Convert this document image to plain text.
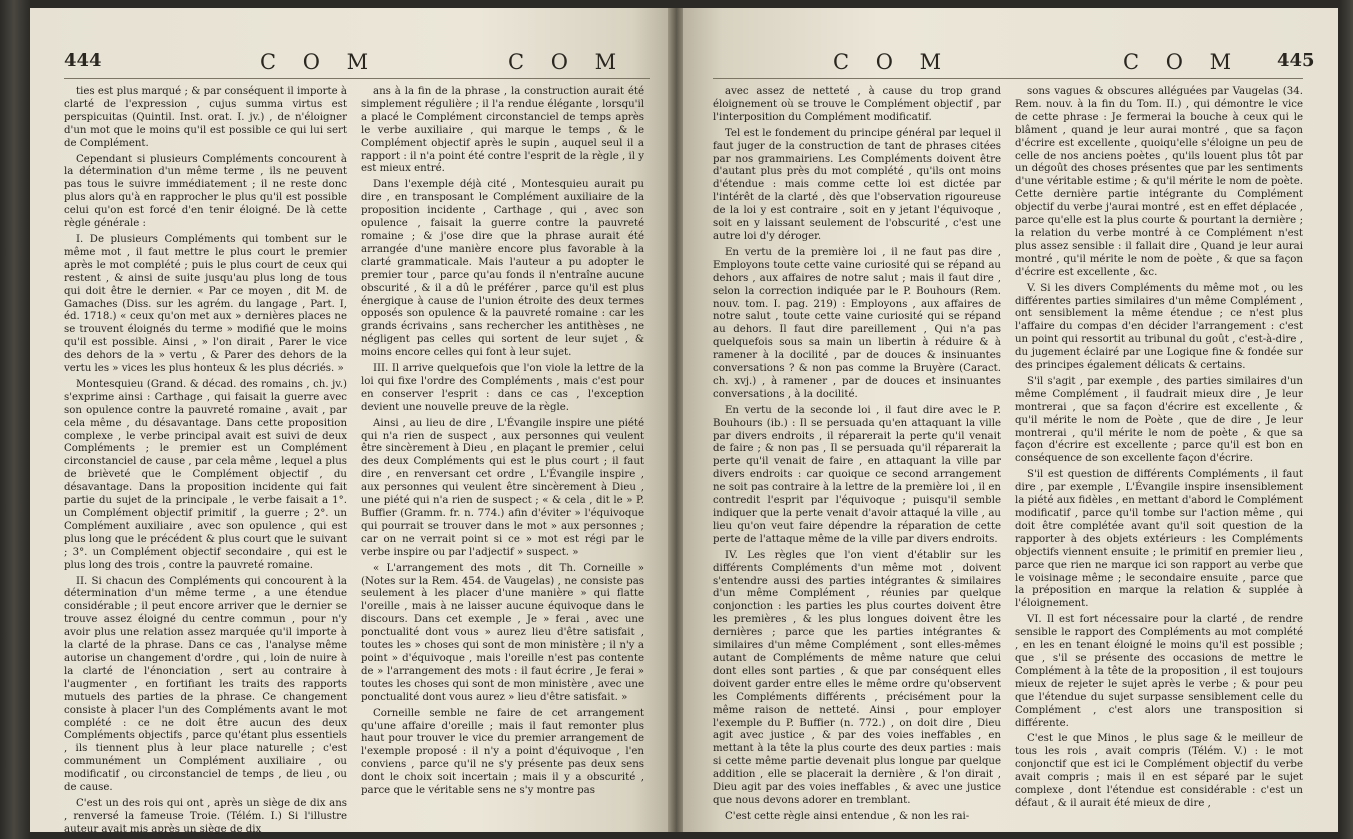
444	C O M	C O M

ties est plus marqué ; & par conséquent il importe à clarté de l'expression , cujus summa virtus est perspicuitas (Quintil. Inst. orat. I. jv.) , de n'éloigner d'un mot que le moins qu'il est possible ce qui lui sert de Complément.

Cependant si plusieurs Compléments concourent à la détermination d'un même terme , ils ne peuvent pas tous le suivre immédiatement ; il ne reste donc plus alors qu'à en rapprocher le plus qu'il est possible celui qu'on est forcé d'en tenir éloigné. De là cette règle générale :

I. De plusieurs Compléments qui tombent sur le même mot , il faut mettre le plus court le premier après le mot complété ; puis le plus court de ceux qui restent , & ainsi de suite jusqu'au plus long de tous qui doit être le dernier. « Par ce moyen , dit M. de Gamaches (Diss. sur les agrém. du langage , Part. I, éd. 1718.) « ceux qu'on met aux » dernières places ne se trouvent éloignés du terme » modifié que le moins qu'il est possible. Ainsi , » l'on dirait , Parer le vice des dehors de la » vertu , & Parer des dehors de la vertu les » vices les plus honteux & les plus décriés. »

Montesquieu (Grand. & décad. des romains , ch. jv.) s'exprime ainsi : Carthage , qui faisait la guerre avec son opulence contre la pauvreté romaine , avait , par cela même , du désavantage. Dans cette proposition complexe , le verbe principal avait est suivi de deux Compléments ; le premier est un Complément circonstanciel de cause , par cela même , lequel a plus de brièveté que le Complément objectif , du désavantage. Dans la proposition incidente qui fait partie du sujet de la principale , le verbe faisait a 1°. un Complément objectif primitif , la guerre ; 2°. un Complément auxiliaire , avec son opulence , qui est plus long que le précédent & plus court que le suivant ; 3°. un Complément objectif secondaire , qui est le plus long des trois , contre la pauvreté romaine.

II. Si chacun des Compléments qui concourent à la détermination d'un même terme , a une étendue considérable ; il peut encore arriver que le dernier se trouve assez éloigné du centre commun , pour n'y avoir plus une relation assez marquée qu'il importe à la clarté de la phrase. Dans ce cas , l'analyse même autorise un changement d'ordre , qui , loin de nuire à la clarté de l'énonciation , sert au contraire à l'augmenter , en fortifiant les traits des rapports mutuels des parties de la phrase. Ce changement consiste à placer l'un des Compléments avant le mot complété : ce ne doit être aucun des deux Compléments objectifs , parce qu'étant plus essentiels , ils tiennent plus à leur place naturelle ; c'est communément un Complément auxiliaire , ou modificatif , ou circonstanciel de temps , de lieu , ou de cause.

C'est un des rois qui ont , après un siège de dix ans , renversé la fameuse Troie. (Télém. I.) Si l'illustre auteur avait mis après un siège de dix

ans à la fin de la phrase , la construction aurait été simplement régulière ; il l'a rendue élégante , lorsqu'il a placé le Complément circonstanciel de temps après le verbe auxiliaire , qui marque le temps , & le Complément objectif après le supin , auquel seul il a rapport : il n'a point été contre l'esprit de la règle , il y est mieux entré.

Dans l'exemple déjà cité , Montesquieu aurait pu dire , en transposant le Complément auxiliaire de la proposition incidente , Carthage , qui , avec son opulence , faisait la guerre contre la pauvreté romaine ; & j'ose dire que la phrase aurait été arrangée d'une manière encore plus favorable à la clarté grammaticale. Mais l'auteur a pu adopter le premier tour , parce qu'au fonds il n'entraîne aucune obscurité , & il a dû le préférer , parce qu'il est plus énergique à cause de l'union étroite des deux termes opposés son opulence & la pauvreté romaine : car les grands écrivains , sans rechercher les antithèses , ne négligent pas celles qui sortent de leur sujet , & moins encore celles qui font à leur sujet.

III. Il arrive quelquefois que l'on viole la lettre de la loi qui fixe l'ordre des Compléments , mais c'est pour en conserver l'esprit : dans ce cas , l'exception devient une nouvelle preuve de la règle.

Ainsi , au lieu de dire , L'Évangile inspire une piété qui n'a rien de suspect , aux personnes qui veulent être sincèrement à Dieu , en plaçant le premier , celui des deux Compléments qui est le plus court ; il faut dire , en renversant cet ordre , L'Évangile inspire , aux personnes qui veulent être sincèrement à Dieu , une piété qui n'a rien de suspect ; « & cela , dit le » P. Buffier (Gramm. fr. n. 774.) afin d'éviter » l'équivoque qui pourrait se trouver dans le mot » aux personnes ; car on ne verrait point si ce » mot est régi par le verbe inspire ou par l'adjectif » suspect. »

« L'arrangement des mots , dit Th. Corneille » (Notes sur la Rem. 454. de Vaugelas) , ne consiste pas seulement à les placer d'une manière » qui flatte l'oreille , mais à ne laisser aucune équivoque dans le discours. Dans cet exemple , Je » ferai , avec une ponctualité dont vous » aurez lieu d'être satisfait , toutes les » choses qui sont de mon ministère ; il n'y a point » d'équivoque , mais l'oreille n'est pas contente de » l'arrangement des mots : il faut écrire , Je ferai » toutes les choses qui sont de mon ministère , avec une ponctualité dont vous aurez » lieu d'être satisfait. »

Corneille semble ne faire de cet arrangement qu'une affaire d'oreille ; mais il faut remonter plus haut pour trouver le vice du premier arrangement de l'exemple proposé : il n'y a point d'équivoque , l'en conviens , parce qu'il ne s'y présente pas deux sens dont le choix soit incertain ; mais il y a obscurité , parce que le véritable sens ne s'y montre pas

C O M	C O M 445

avec assez de netteté , à cause du trop grand éloignement où se trouve le Complément objectif , par l'interposition du Complément modificatif.

Tel est le fondement du principe général par lequel il faut juger de la construction de tant de phrases citées par nos grammairiens. Les Compléments doivent être d'autant plus près du mot complété , qu'ils ont moins d'étendue : mais comme cette loi est dictée par l'intérêt de la clarté , dès que l'observation rigoureuse de la loi y est contraire , soit en y jetant l'équivoque , soit en y laissant seulement de l'obscurité , c'est une autre loi d'y déroger.

En vertu de la première loi , il ne faut pas dire , Employons toute cette vaine curiosité qui se répand au dehors , aux affaires de notre salut ; mais il faut dire , selon la correction indiquée par le P. Bouhours (Rem. nouv. tom. I. pag. 219) : Employons , aux affaires de notre salut , toute cette vaine curiosité qui se répand au dehors. Il faut dire pareillement , Qui n'a pas quelquefois sous sa main un libertin à réduire & à ramener à la docilité , par de douces & insinuantes conversations ? & non pas comme la Bruyère (Caract. ch. xvj.) , à ramener , par de douces et insinuantes conversations , à la docilité.

En vertu de la seconde loi , il faut dire avec le P. Bouhours (ib.) : Il se persuada qu'en attaquant la ville par divers endroits , il réparerait la perte qu'il venait de faire ; & non pas , Il se persuada qu'il réparerait la perte qu'il venait de faire , en attaquant la ville par divers endroits : car quoique ce second arrangement ne soit pas contraire à la lettre de la première loi , il en contredit l'esprit par l'équivoque ; puisqu'il semble indiquer que la perte venait d'avoir attaqué la ville , au lieu qu'on veut faire dépendre la réparation de cette perte de l'attaque même de la ville par divers endroits.

IV. Les règles que l'on vient d'établir sur les différents Compléments d'un même mot , doivent s'entendre aussi des parties intégrantes & similaires d'un même Complément , réunies par quelque conjonction : les parties les plus courtes doivent être les premières , & les plus longues doivent être les dernières ; parce que les parties intégrantes & similaires d'un même Complément , sont elles-mêmes autant de Compléments de même nature que celui dont elles sont parties , & que par conséquent elles doivent garder entre elles le même ordre qu'observent les Compléments différents , précisément pour la même raison de netteté. Ainsi , pour employer l'exemple du P. Buffier (n. 772.) , on doit dire , Dieu agit avec justice , & par des voies ineffables , en mettant à la tête la plus courte des deux parties : mais si cette même partie devenait plus longue par quelque addition , elle se placerait la dernière , & l'on dirait , Dieu agit par des voies ineffables , & avec une justice que nous devons adorer en tremblant.

C'est cette règle ainsi entendue , & non les rai-

sons vagues & obscures alléguées par Vaugelas (34. Rem. nouv. à la fin du Tom. II.) , qui démontre le vice de cette phrase : Je fermerai la bouche à ceux qui le blâment , quand je leur aurai montré , que sa façon d'écrire est excellente , quoiqu'elle s'éloigne un peu de celle de nos anciens poètes , qu'ils louent plus tôt par un dégoût des choses présentes que par les sentiments d'une véritable estime ; & qu'il mérite le nom de poète. Cette dernière partie intégrante du Complément objectif du verbe j'aurai montré , est en effet déplacée , parce qu'elle est la plus courte & pourtant la dernière ; la relation du verbe montré à ce Complément n'est plus assez sensible : il fallait dire , Quand je leur aurai montré , qu'il mérite le nom de poète , & que sa façon d'écrire est excellente , &c.

V. Si les divers Compléments du même mot , ou les différentes parties similaires d'un même Complément , ont sensiblement la même étendue ; ce n'est plus l'affaire du compas d'en décider l'arrangement : c'est un point qui ressortit au tribunal du goût , c'est-à-dire , du jugement éclairé par une Logique fine & fondée sur des principes également délicats & certains.

S'il s'agit , par exemple , des parties similaires d'un même Complément , il faudrait mieux dire , Je leur montrerai , que sa façon d'écrire est excellente , & qu'il mérite le nom de Poète , que de dire , Je leur montrerai , qu'il mérite le nom de poète , & que sa façon d'écrire est excellente ; parce qu'il est bon en conséquence de son excellente façon d'écrire.

S'il est question de différents Compléments , il faut dire , par exemple , L'Évangile inspire insensiblement la piété aux fidèles , en mettant d'abord le Complément modificatif , parce qu'il tombe sur l'action même , qui doit être complétée avant qu'il soit question de la rapporter à des objets extérieurs : les Compléments objectifs viennent ensuite ; le primitif en premier lieu , parce que rien ne marque ici son rapport au verbe que le voisinage même ; le secondaire ensuite , parce que la préposition en marque la relation & supplée à l'éloignement.

VI. Il est fort nécessaire pour la clarté , de rendre sensible le rapport des Compléments au mot complété , en les en tenant éloigné le moins qu'il est possible ; que , s'il se présente des occasions de mettre le Complément à la tête de la proposition , il est toujours mieux de rejeter le sujet après le verbe ; & pour peu que l'étendue du sujet surpasse sensiblement celle du Complément , c'est alors une transposition si différente.

C'est le que Minos , le plus sage & le meilleur de tous les rois , avait compris (Télém. V.) : le mot conjonctif que est ici le Complément objectif du verbe avait compris ; mais il en est séparé par le sujet complexe , dont l'étendue est considérable : c'est un défaut , & il aurait été mieux de dire ,
